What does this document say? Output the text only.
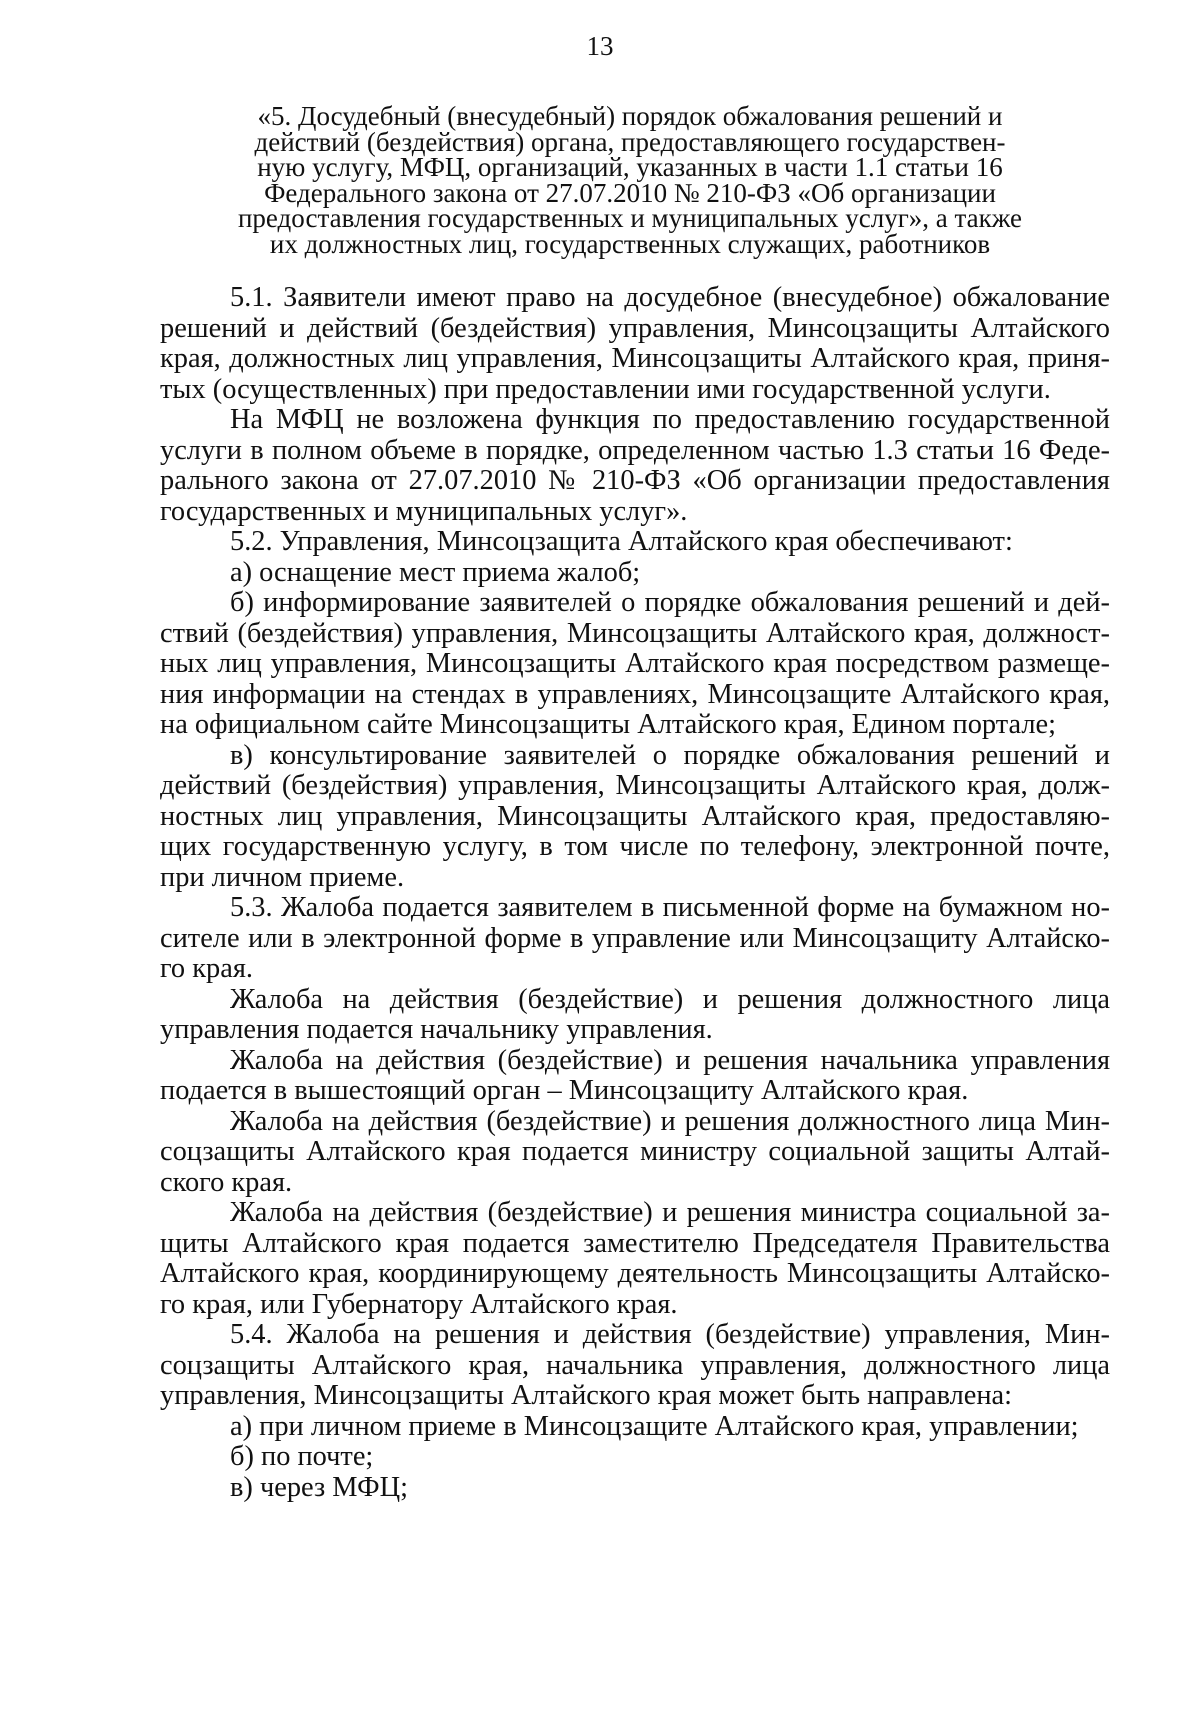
13
«5. Досудебный (внесудебный) порядок обжалования решений и
действий (бездействия) органа, предоставляющего государствен-
ную услугу, МФЦ, организаций, указанных в части 1.1 статьи 16
Федерального закона от 27.07.2010 № 210-ФЗ «Об организации
предоставления государственных и муниципальных услуг», а также
их должностных лиц, государственных служащих, работников

5.1. Заявители имеют право на досудебное (внесудебное) обжалование решений и действий (бездействия) управления, Минсоцзащиты Алтайского края, должностных лиц управления, Минсоцзащиты Алтайского края, приня-тых (осуществленных) при предоставлении ими государственной услуги.

На МФЦ не возложена функция по предоставлению государственной услуги в полном объеме в порядке, определенном частью 1.3 статьи 16 Феде-рального закона от 27.07.2010 № 210-ФЗ «Об организации предоставления государственных и муниципальных услуг».

5.2. Управления, Минсоцзащита Алтайского края обеспечивают:

а) оснащение мест приема жалоб;

б) информирование заявителей о порядке обжалования решений и дей-ствий (бездействия) управления, Минсоцзащиты Алтайского края, должност-ных лиц управления, Минсоцзащиты Алтайского края посредством размеще-ния информации на стендах в управлениях, Минсоцзащите Алтайского края, на официальном сайте Минсоцзащиты Алтайского края, Едином портале;

в) консультирование заявителей о порядке обжалования решений и действий (бездействия) управления, Минсоцзащиты Алтайского края, долж-ностных лиц управления, Минсоцзащиты Алтайского края, предоставляю-щих государственную услугу, в том числе по телефону, электронной почте, при личном приеме.

5.3. Жалоба подается заявителем в письменной форме на бумажном но-сителе или в электронной форме в управление или Минсоцзащиту Алтайско-го края.

Жалоба на действия (бездействие) и решения должностного лица управления подается начальнику управления.

Жалоба на действия (бездействие) и решения начальника управления подается в вышестоящий орган – Минсоцзащиту Алтайского края.

Жалоба на действия (бездействие) и решения должностного лица Мин-соцзащиты Алтайского края подается министру социальной защиты Алтай-ского края.

Жалоба на действия (бездействие) и решения министра социальной за-щиты Алтайского края подается заместителю Председателя Правительства Алтайского края, координирующему деятельность Минсоцзащиты Алтайско-го края, или Губернатору Алтайского края.

5.4. Жалоба на решения и действия (бездействие) управления, Мин-соцзащиты Алтайского края, начальника управления, должностного лица управления, Минсоцзащиты Алтайского края может быть направлена:

а) при личном приеме в Минсоцзащите Алтайского края, управлении;

б) по почте;

в) через МФЦ;
